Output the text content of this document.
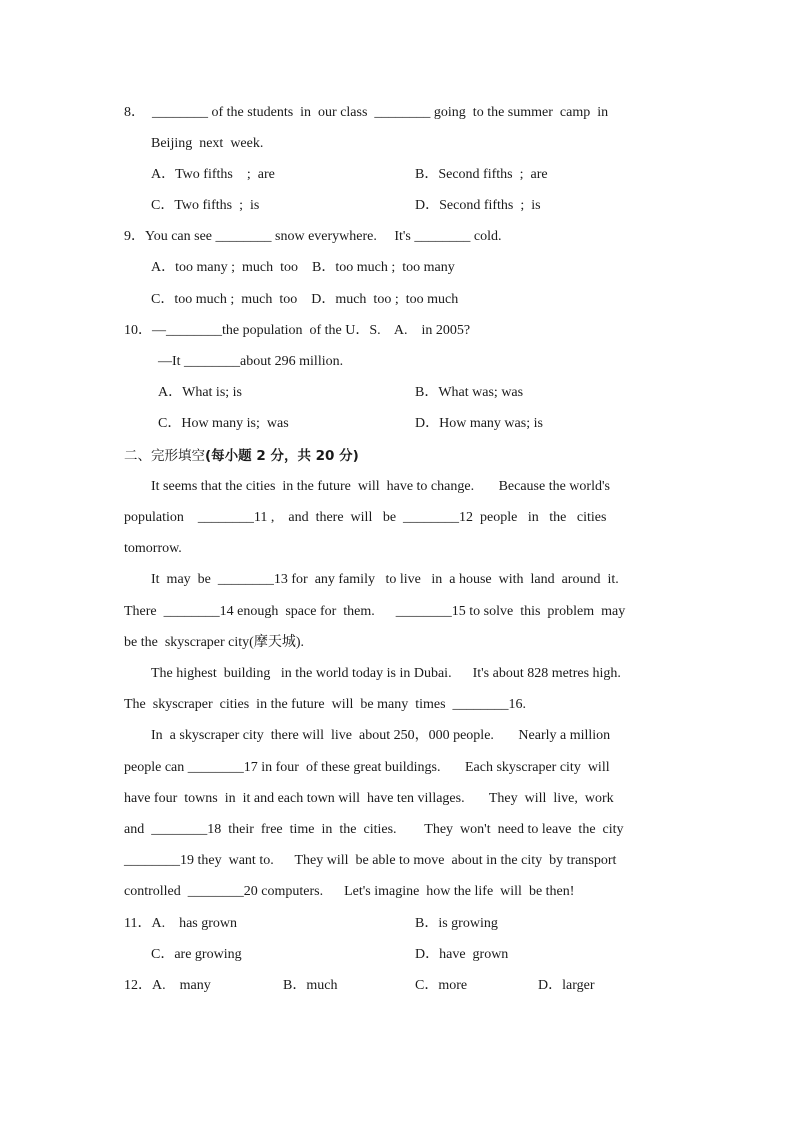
8．  ________ of the students  in  our class  ________ going  to the summer  camp  in
Beijing  next  week.
A．Two fifths    ;  are	B．Second fifths  ;  are
C．Two fifths  ;  is	D．Second fifths  ;  is
9．You can see ________ snow everywhere.     It's ________ cold.
A．too many ;  much  too    B．too much ;  too many
C．too much ;  much  too    D．much  too ;  too much
10．—________the population  of the U．S.    A.    in 2005?
—It ________about 296 million.
A．What is; is	B．What was; was
C．How many is;  was	D．How many was; is
二、完形填空(每小题 2 分，共 20 分)
It seems that the cities  in the future  will  have to change.       Because the world's
population    ________11 ,    and  there  will   be  ________12  people   in   the   cities
tomorrow.
It  may  be  ________13 for  any family   to live   in  a house  with  land  around  it.
There  ________14 enough  space for  them.      ________15 to solve  this  problem  may
be the  skyscraper city(摩天城).
The highest  building   in the world today is in Dubai.      It's about 828 metres high.
The  skyscraper  cities  in the future  will  be many  times  ________16.
In  a skyscraper city  there will  live  about 250，000 people.       Nearly a million
people can ________17 in four  of these great buildings.       Each skyscraper city  will
have four  towns  in  it and each town will  have ten villages.       They  will  live,  work
and  ________18  their  free  time  in  the  cities.        They  won't  need to leave  the  city
________19 they  want to.      They will  be able to move  about in the city  by transport
controlled  ________20 computers.      Let's imagine  how the life  will  be then!
11．A.    has grown	B．is growing
C．are growing	D．have  grown
12．A.    many	B．much	C．more	D．larger
